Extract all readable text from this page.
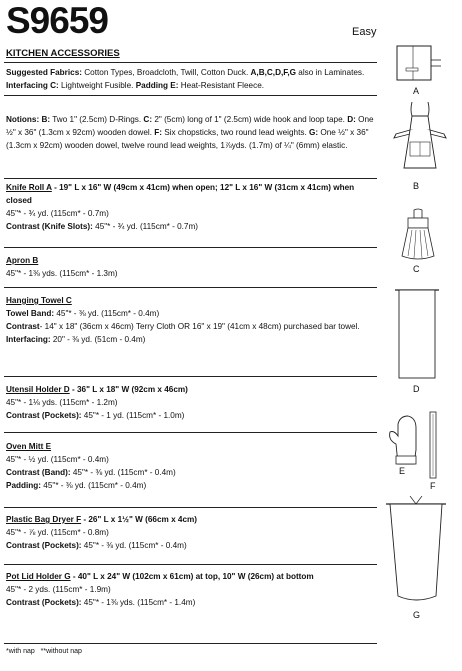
S9659	Easy
KITCHEN ACCESSORIES
Suggested Fabrics: Cotton Types, Broadcloth, Twill, Cotton Duck. A,B,C,D,F,G also in Laminates. Interfacing C: Lightweight Fusible. Padding E: Heat-Resistant Fleece.
Notions: B: Two 1" (2.5cm) D-Rings. C: 2" (5cm) long of 1" (2.5cm) wide hook and loop tape. D: One ½" x 36" (1.3cm x 92cm) wooden dowel. F: Six chopsticks, two round lead weights. G: One ½" x 36" (1.3cm x 92cm) wooden dowel, twelve round lead weights, 1⅞yds. (1.7m) of ¼" (6mm) elastic.
Knife Roll A - 19" L x 16" W (49cm x 41cm) when open; 12" L x 16" W (31cm x 41cm) when closed
45"* - ¾ yd. (115cm* - 0.7m)
Contrast (Knife Slots): 45"* - ¾ yd. (115cm* - 0.7m)
Apron B
45"* - 1⅜ yds. (115cm* - 1.3m)
Hanging Towel C
Towel Band: 45"* - ⅜ yd. (115cm* - 0.4m)
Contrast- 14" x 18" (36cm x 46cm) Terry Cloth OR 16" x 19" (41cm x 48cm) purchased bar towel.
Interfacing: 20" - ⅜ yd. (51cm - 0.4m)
Utensil Holder D - 36" L x 18" W (92cm x 46cm)
45"* - 1⅛ yds. (115cm* - 1.2m)
Contrast (Pockets): 45"* - 1 yd. (115cm* - 1.0m)
Oven Mitt E
45"* - ½ yd. (115cm* - 0.4m)
Contrast (Band): 45"* - ⅜ yd. (115cm* - 0.4m)
Padding: 45"* - ⅜ yd. (115cm* - 0.4m)
Plastic Bag Dryer F - 26" L x 1½" W (66cm x 4cm)
45"* - ⅞ yd. (115cm* - 0.8m)
Contrast (Pockets): 45"* - ⅜ yd. (115cm* - 0.4m)
Pot Lid Holder G - 40" L x 24" W (102cm x 61cm) at top, 10" W (26cm) at bottom
45"* - 2 yds. (115cm* - 1.9m)
Contrast (Pockets): 45"* - 1⅜ yds. (115cm* - 1.4m)
*with nap   **without nap
A
B
C
D
E
F
G
